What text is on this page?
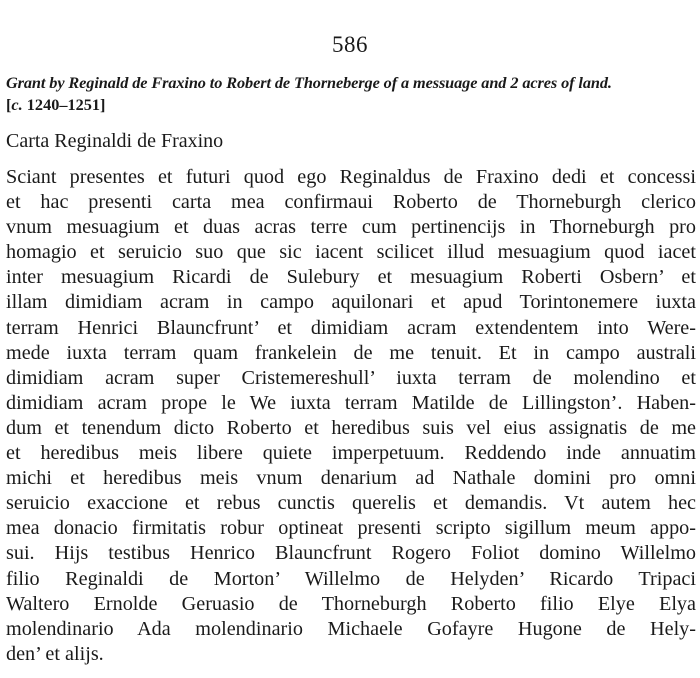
586
Grant by Reginald de Fraxino to Robert de Thorneberge of a messuage and 2 acres of land.
[c. 1240–1251]
Carta Reginaldi de Fraxino
Sciant presentes et futuri quod ego Reginaldus de Fraxino dedi et concessi
et hac presenti carta mea confirmaui Roberto de Thorneburgh clerico
vnum mesuagium et duas acras terre cum pertinencijs in Thorneburgh pro
homagio et seruicio suo que sic iacent scilicet illud mesuagium quod iacet
inter mesuagium Ricardi de Sulebury et mesuagium Roberti Osbern’ et
illam dimidiam acram in campo aquilonari et apud Torintonemere iuxta
terram Henrici Blauncfrunt’ et dimidiam acram extendentem into Were-
mede iuxta terram quam frankelein de me tenuit. Et in campo australi
dimidiam acram super Cristemereshull’ iuxta terram de molendino et
dimidiam acram prope le We iuxta terram Matilde de Lillingston’. Haben-
dum et tenendum dicto Roberto et heredibus suis vel eius assignatis de me
et heredibus meis libere quiete imperpetuum. Reddendo inde annuatim
michi et heredibus meis vnum denarium ad Nathale domini pro omni
seruicio exaccione et rebus cunctis querelis et demandis. Vt autem hec
mea donacio firmitatis robur optineat presenti scripto sigillum meum appo-
sui. Hijs testibus Henrico Blauncfrunt Rogero Foliot domino Willelmo
filio Reginaldi de Morton’ Willelmo de Helyden’ Ricardo Tripaci
Waltero Ernolde Geruasio de Thorneburgh Roberto filio Elye Elya
molendinario Ada molendinario Michaele Gofayre Hugone de Hely-
den’ et alijs.
